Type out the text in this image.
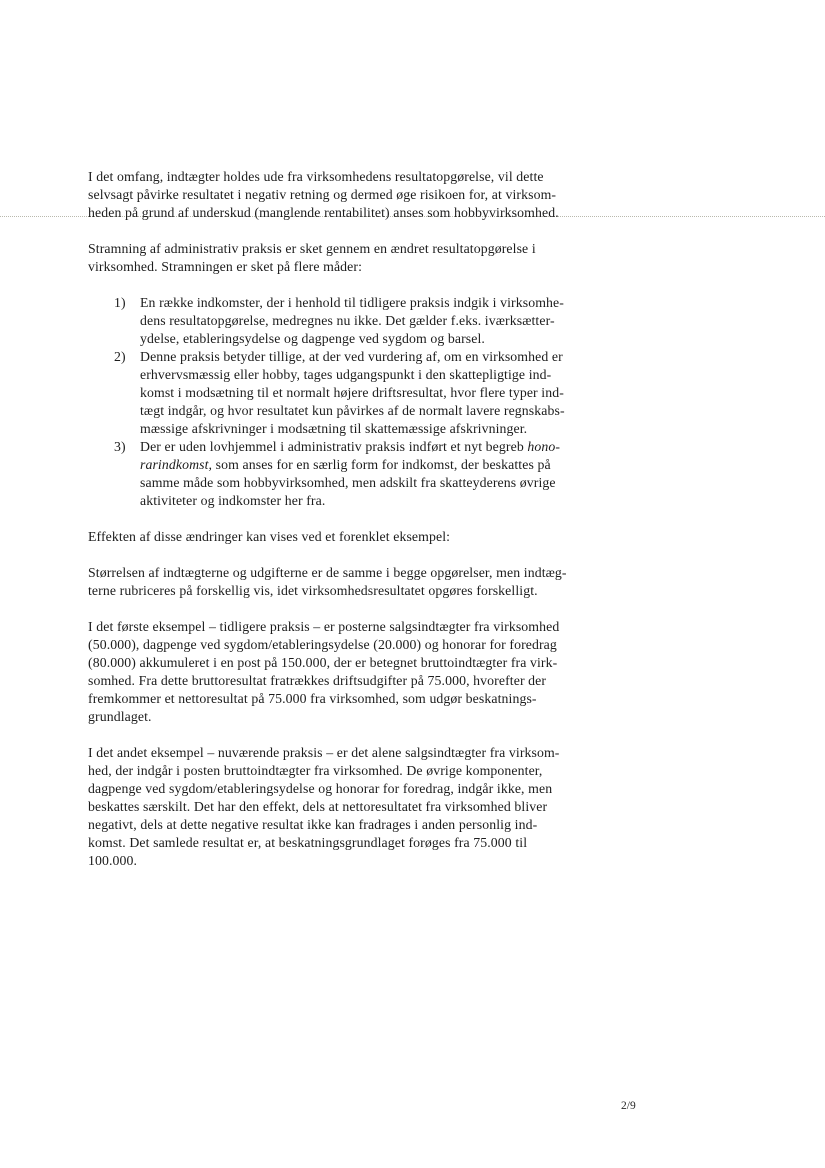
I det omfang, indtægter holdes ude fra virksomhedens resultatopgørelse, vil dette
selvsagt påvirke resultatet i negativ retning og dermed øge risikoen for, at virksom-
heden på grund af underskud (manglende rentabilitet) anses som hobbyvirksomhed.
Stramning af administrativ praksis er sket gennem en ændret resultatopgørelse i
virksomhed. Stramningen er sket på flere måder:
1)	En række indkomster, der i henhold til tidligere praksis indgik i virksomhe-
dens resultatopgørelse, medregnes nu ikke. Det gælder f.eks. iværksætter-
ydelse, etableringsydelse og dagpenge ved sygdom og barsel.
2)	Denne praksis betyder tillige, at der ved vurdering af, om en virksomhed er
erhvervsmæssig eller hobby, tages udgangspunkt i den skattepligtige ind-
komst i modsætning til et normalt højere driftsresultat, hvor flere typer ind-
tægt indgår, og hvor resultatet kun påvirkes af de normalt lavere regnskabs-
mæssige afskrivninger i modsætning til skattemæssige afskrivninger.
3)	Der er uden lovhjemmel i administrativ praksis indført et nyt begreb hono-
rarindkomst, som anses for en særlig form for indkomst, der beskattes på
samme måde som hobbyvirksomhed, men adskilt fra skatteyderens øvrige
aktiviteter og indkomster her fra.
Effekten af disse ændringer kan vises ved et forenklet eksempel:
Størrelsen af indtægterne og udgifterne er de samme i begge opgørelser, men indtæg-
terne rubriceres på forskellig vis, idet virksomhedsresultatet opgøres forskelligt.
I det første eksempel – tidligere praksis – er posterne salgsindtægter fra virksomhed
(50.000), dagpenge ved sygdom/etableringsydelse (20.000) og honorar for foredrag
(80.000) akkumuleret i en post på 150.000, der er betegnet bruttoindtægter fra virk-
somhed. Fra dette bruttoresultat fratrækkes driftsudgifter på 75.000, hvorefter der
fremkommer et nettoresultat på 75.000 fra virksomhed, som udgør beskatnings-
grundlaget.
I det andet eksempel – nuværende praksis – er det alene salgsindtægter fra virksom-
hed, der indgår i posten bruttoindtægter fra virksomhed. De øvrige komponenter,
dagpenge ved sygdom/etableringsydelse og honorar for foredrag, indgår ikke, men
beskattes særskilt. Det har den effekt, dels at nettoresultatet fra virksomhed bliver
negativt, dels at dette negative resultat ikke kan fradrages i anden personlig ind-
komst. Det samlede resultat er, at beskatningsgrundlaget forøges fra 75.000 til
100.000.
2/9
